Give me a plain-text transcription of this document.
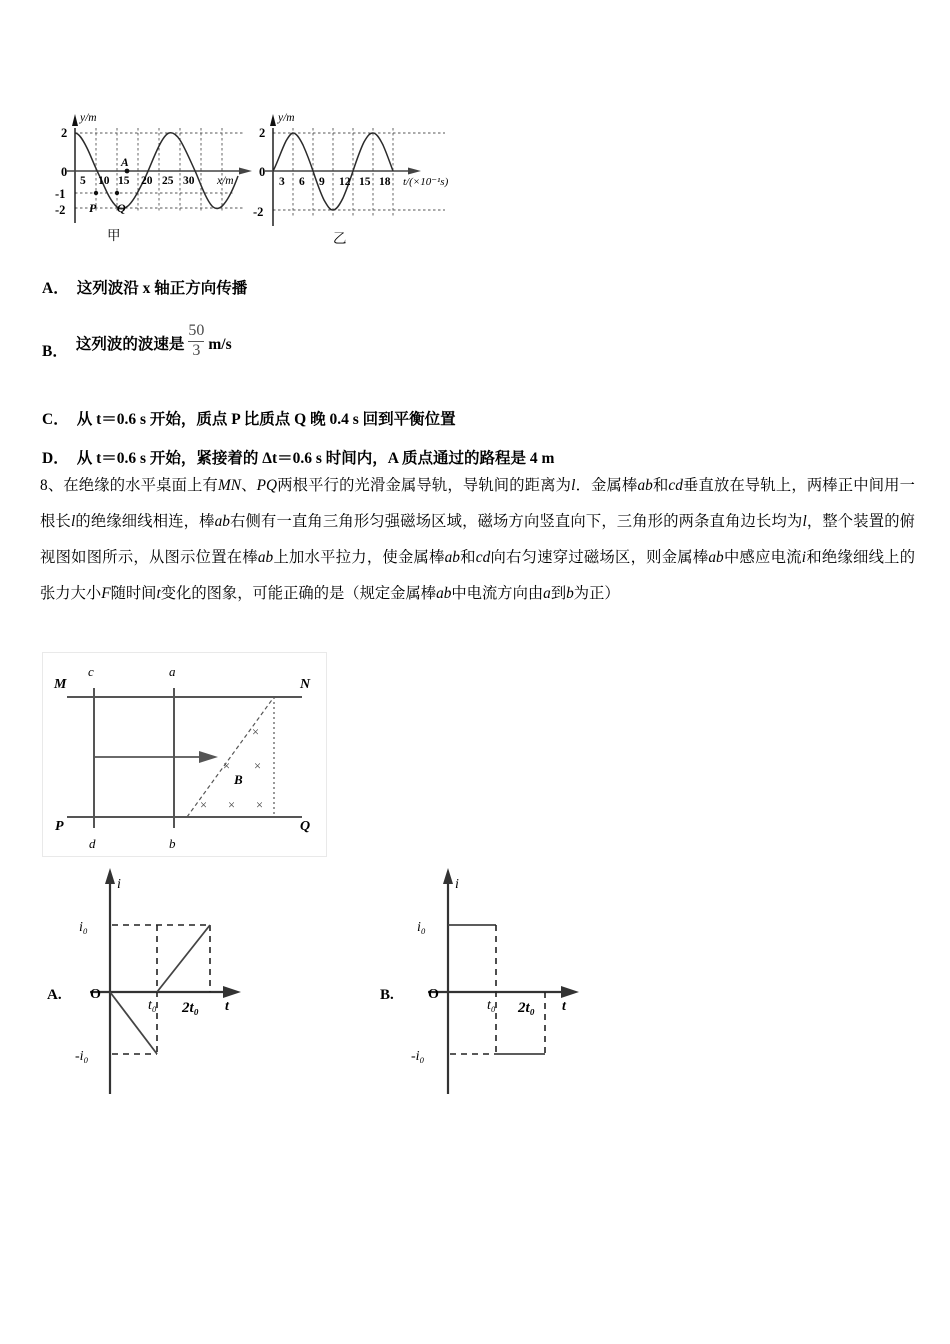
y/m
2
0
-1
-2
5 10 15 20 25 30 x/m
A
P Q
甲
y/m
2
0
-2
3 6 9 12 15 18 t/(×10⁻¹s)
乙
A． 这列波沿 x 轴正方向传播
B． 这列波的波速是 $\frac{50}{3} m/s$
C． 从 t＝0.6 s 开始，质点 P 比质点 Q 晚 0.4 s 回到平衡位置
D． 从 t＝0.6 s 开始，紧接着的 Δt＝0.6 s 时间内，A 质点通过的路程是 4 m
8、在绝缘的水平桌面上有MN、PQ两根平行的光滑金属导轨，导轨间的距离为l．金属棒ab和cd垂直放在导轨上，两棒正中间用一根长l的绝缘细线相连，棒ab右侧有一直角三角形匀强磁场区域，磁场方向竖直向下，三角形的两条直角边长均为l，整个装置的俯视图如图所示，从图示位置在棒ab上加水平拉力，使金属棒ab和cd向右匀速穿过磁场区，则金属棒ab中感应电流i和绝缘细线上的张力大小F随时间t变化的图象，可能正确的是（规定金属棒ab中电流方向由a到b为正）
×
× ×
× × ×
M	N
P	Q
c
d
a
b
B
A.
i
i₀
-i₀
O
t₀ 2t₀ t
B.
i
i₀
-i₀
O
t₀ 2t₀ t
